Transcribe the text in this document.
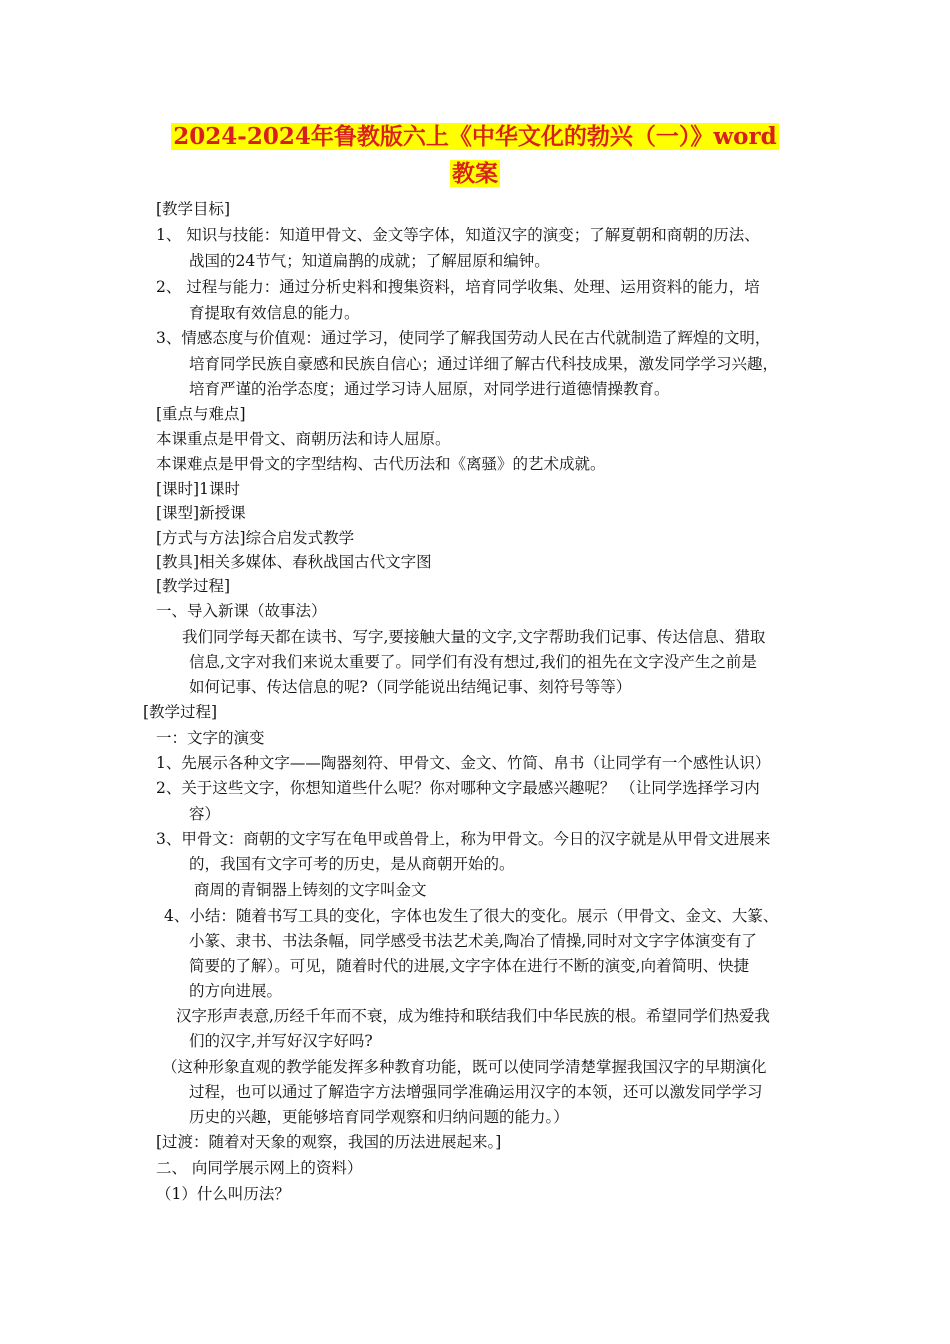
2024-2024年鲁教版六上《中华文化的勃兴（一）》word
教案
[教学目标]
1、 知识与技能：知道甲骨文、金文等字体，知道汉字的演变；了解夏朝和商朝的历法、
战国的24节气；知道扁鹊的成就；了解屈原和编钟。
2、 过程与能力：通过分析史料和搜集资料，培育同学收集、处理、运用资料的能力，培
育提取有效信息的能力。
3、情感态度与价值观：通过学习，使同学了解我国劳动人民在古代就制造了辉煌的文明，
培育同学民族自豪感和民族自信心；通过详细了解古代科技成果，激发同学学习兴趣，
培育严谨的治学态度；通过学习诗人屈原，对同学进行道德情操教育。
[重点与难点]
本课重点是甲骨文、商朝历法和诗人屈原。
本课难点是甲骨文的字型结构、古代历法和《离骚》的艺术成就。
[课时]1课时
[课型]新授课
[方式与方法]综合启发式教学
[教具]相关多媒体、春秋战国古代文字图
[教学过程]
一、导入新课（故事法）
我们同学每天都在读书、写字,要接触大量的文字,文字帮助我们记事、传达信息、猎取
信息,文字对我们来说太重要了。同学们有没有想过,我们的祖先在文字没产生之前是
如何记事、传达信息的呢?（同学能说出结绳记事、刻符号等等）
[教学过程]
一：文字的演变
1、先展示各种文字——陶器刻符、甲骨文、金文、竹简、帛书（让同学有一个感性认识）
2、关于这些文字，你想知道些什么呢？你对哪种文字最感兴趣呢？ （让同学选择学习内
容）
3、甲骨文：商朝的文字写在龟甲或兽骨上，称为甲骨文。今日的汉字就是从甲骨文进展来
的，我国有文字可考的历史，是从商朝开始的。
商周的青铜器上铸刻的文字叫金文
4、小结：随着书写工具的变化，字体也发生了很大的变化。展示（甲骨文、金文、大篆、
小篆、隶书、书法条幅，同学感受书法艺术美,陶冶了情操,同时对文字字体演变有了
简要的了解）。可见，随着时代的进展,文字字体在进行不断的演变,向着简明、快捷
的方向进展。
汉字形声表意,历经千年而不衰，成为维持和联结我们中华民族的根。希望同学们热爱我
们的汉字,并写好汉字好吗?
（这种形象直观的教学能发挥多种教育功能，既可以使同学清楚掌握我国汉字的早期演化
过程，也可以通过了解造字方法增强同学准确运用汉字的本领，还可以激发同学学习
历史的兴趣，更能够培育同学观察和归纳问题的能力。）
[过渡：随着对天象的观察，我国的历法进展起来。]
二、 向同学展示网上的资料）
（1）什么叫历法？
